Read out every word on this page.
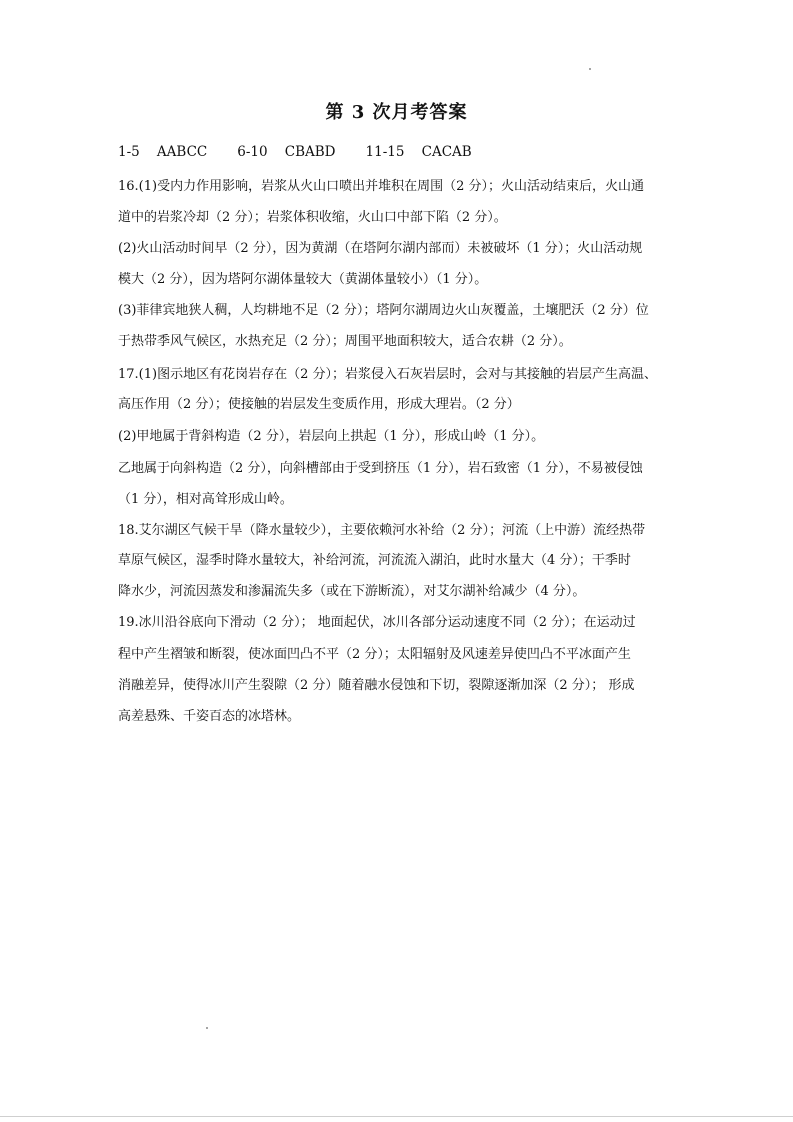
第 3 次月考答案
1-5    AABCC       6-10    CBABD       11-15    CACAB
16.(1)受内力作用影响，岩浆从火山口喷出并堆积在周围（2 分）；火山活动结束后，火山通
道中的岩浆冷却（2 分）；岩浆体积收缩，火山口中部下陷（2 分）。
(2)火山活动时间早（2 分），因为黄湖（在塔阿尔湖内部而）未被破坏（1 分）；火山活动规
模大（2 分），因为塔阿尔湖体量较大（黄湖体量较小）（1 分）。
(3)菲律宾地狭人稠，人均耕地不足（2 分）；塔阿尔湖周边火山灰覆盖，土壤肥沃（2 分）位
于热带季风气候区，水热充足（2 分）；周围平地面积较大，适合农耕（2 分）。
17.(1)图示地区有花岗岩存在（2 分）；岩浆侵入石灰岩层时，会对与其接触的岩层产生高温、
高压作用（2 分）；使接触的岩层发生变质作用，形成大理岩。（2 分）
(2)甲地属于背斜构造（2 分），岩层向上拱起（1 分），形成山岭（1 分）。
乙地属于向斜构造（2 分），向斜槽部由于受到挤压（1 分），岩石致密（1 分），不易被侵蚀
（1 分），相对高耸形成山岭。
18.艾尔湖区气候干旱（降水量较少），主要依赖河水补给（2 分）；河流（上中游）流经热带
草原气候区，湿季时降水量较大，补给河流，河流流入湖泊，此时水量大（4 分）；干季时
降水少，河流因蒸发和渗漏流失多（或在下游断流），对艾尔湖补给减少（4 分）。
19.冰川沿谷底向下滑动（2 分）； 地面起伏，冰川各部分运动速度不同（2 分）；在运动过
程中产生褶皱和断裂，使冰面凹凸不平（2 分）；太阳辐射及风速差异使凹凸不平冰面产生
消融差异，使得冰川产生裂隙（2 分）随着融水侵蚀和下切，裂隙逐渐加深（2 分）； 形成
高差悬殊、千姿百态的冰塔林。
